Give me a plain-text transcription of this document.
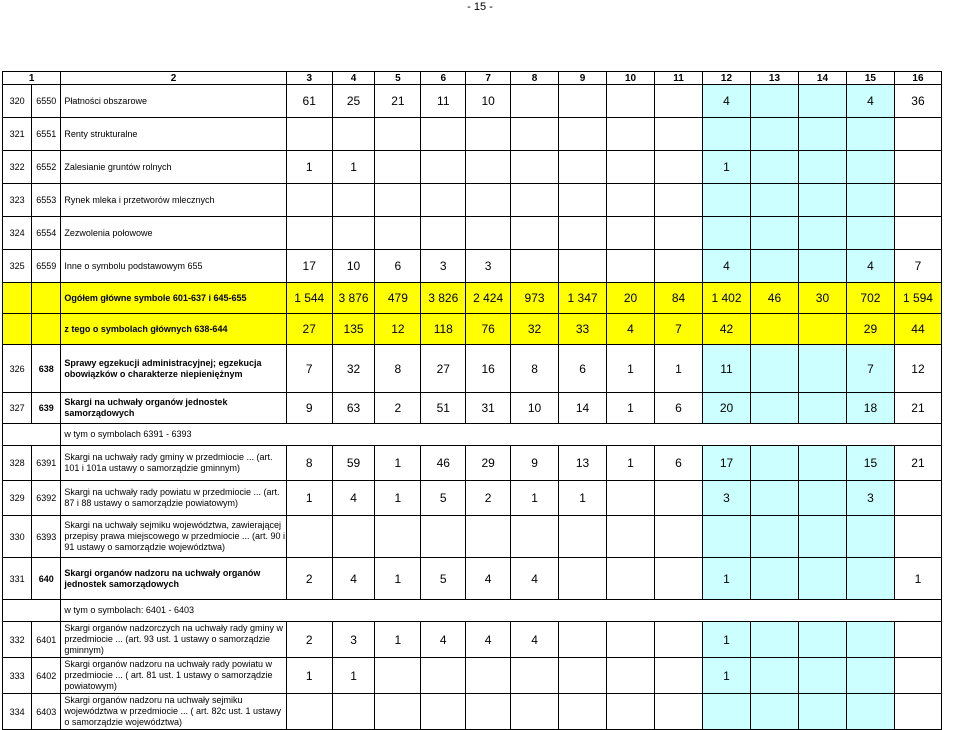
- 15 -
1		2	3	4	5	6	7	8	9	10	11	12	13	14	15	16
320	6550	Płatności obszarowe	61	25	21	11	10					4			4	36
321	6551	Renty strukturalne														
322	6552	Zalesianie gruntów rolnych	1	1								1				
323	6553	Rynek mleka i przetworów mlecznych														
324	6554	Zezwolenia połowowe														
325	6559	Inne o symbolu podstawowym 655	17	10	6	3	3					4			4	7
		Ogółem główne symbole 601-637 i 645-655	1 544	3 876	479	3 826	2 424	973	1 347	20	84	1 402	46	30	702	1 594
		z tego o symbolach głównych 638-644	27	135	12	118	76	32	33	4	7	42			29	44
326	638	Sprawy egzekucji administracyjnej; egzekucja obowiązków o charakterze niepieniężnym	7	32	8	27	16	8	6	1	1	11			7	12
327	639	Skargi na uchwały organów jednostek samorządowych	9	63	2	51	31	10	14	1	6	20			18	21
		w tym o symbolach 6391 - 6393														
328	6391	Skargi na uchwały rady gminy w przedmiocie ... (art. 101 i 101a ustawy o samorządzie gminnym)	8	59	1	46	29	9	13	1	6	17			15	21
329	6392	Skargi na uchwały rady powiatu w przedmiocie ... (art. 87 i 88 ustawy o samorządzie powiatowym)	1	4	1	5	2	1	1			3			3	
330	6393	Skargi na uchwały sejmiku województwa, zawierającej przepisy prawa miejscowego w przedmiocie ... (art. 90 i 91 ustawy o samorządzie województwa)														
331	640	Skargi organów nadzoru na uchwały organów jednostek samorządowych	2	4	1	5	4	4				1				1
		w tym o symbolach: 6401 - 6403														
332	6401	Skargi organów nadzorczych na uchwały rady gminy w przedmiocie ... (art. 93 ust. 1 ustawy o samorządzie gminnym)	2	3	1	4	4	4				1				
333	6402	Skargi organów nadzoru na uchwały rady powiatu w przedmiocie ... ( art. 81 ust. 1 ustawy o samorządzie powiatowym)	1	1								1				
334	6403	Skargi organów nadzoru na uchwały sejmiku województwa w przedmiocie ... ( art. 82c ust. 1 ustawy o samorządzie województwa)														
